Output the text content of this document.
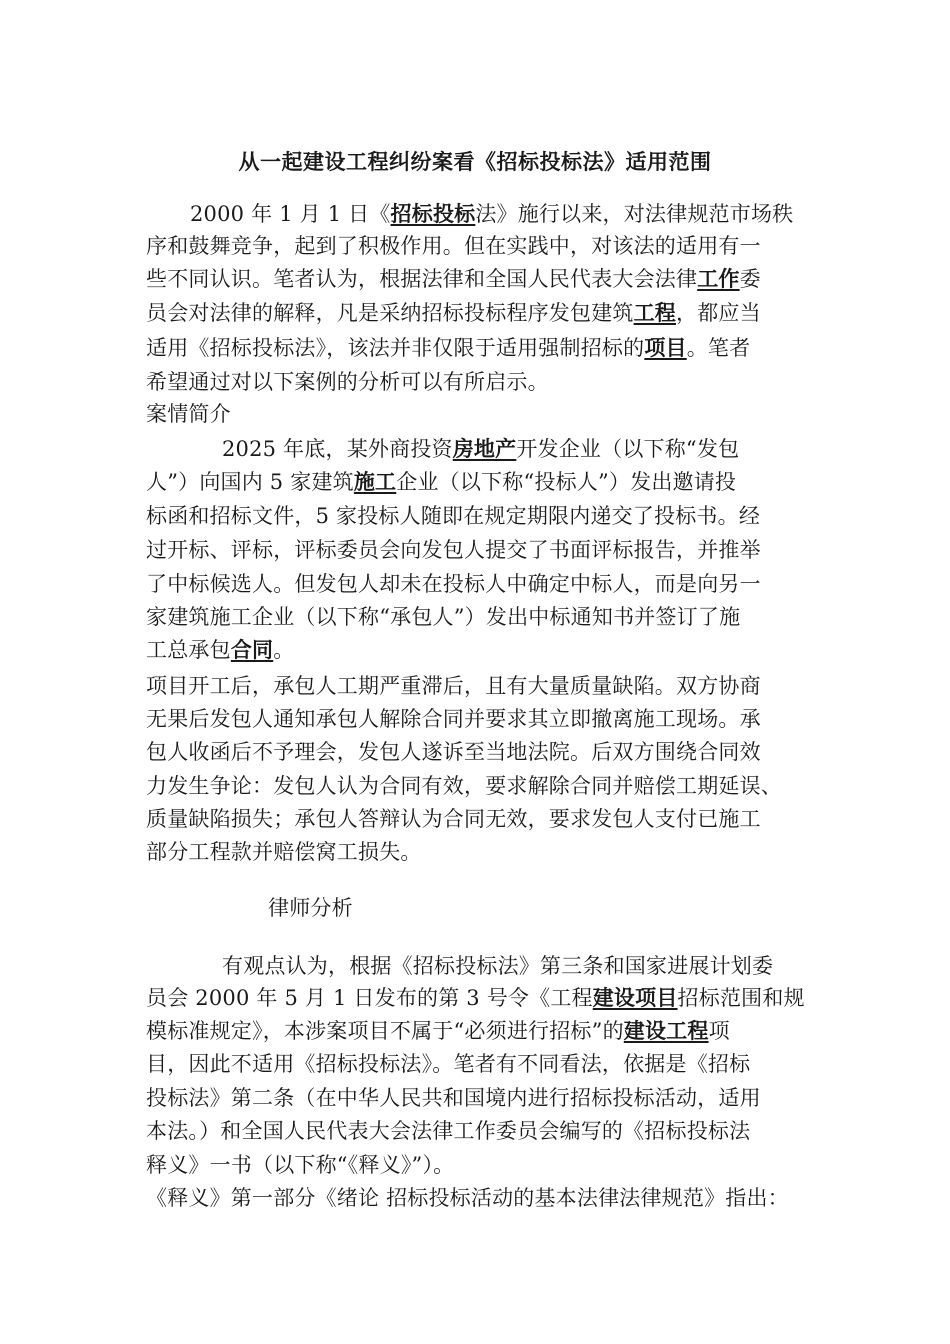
从一起建设工程纠纷案看《招标投标法》适用范围
2000 年 1 月 1 日《招标投标法》施行以来，对法律规范市场秩
序和鼓舞竞争，起到了积极作用。但在实践中，对该法的适用有一
些不同认识。笔者认为，根据法律和全国人民代表大会法律工作委
员会对法律的解释，凡是采纳招标投标程序发包建筑工程，都应当
适用《招标投标法》，该法并非仅限于适用强制招标的项目。笔者
希望通过对以下案例的分析可以有所启示。
案情简介
2025 年底，某外商投资房地产开发企业（以下称“发包
人”）向国内 5 家建筑施工企业（以下称“投标人”）发出邀请投
标函和招标文件，5 家投标人随即在规定期限内递交了投标书。经
过开标、评标，评标委员会向发包人提交了书面评标报告，并推举
了中标候选人。但发包人却未在投标人中确定中标人，而是向另一
家建筑施工企业（以下称“承包人”）发出中标通知书并签订了施
工总承包合同。
项目开工后，承包人工期严重滞后，且有大量质量缺陷。双方协商
无果后发包人通知承包人解除合同并要求其立即撤离施工现场。承
包人收函后不予理会，发包人遂诉至当地法院。后双方围绕合同效
力发生争论：发包人认为合同有效，要求解除合同并赔偿工期延误、
质量缺陷损失；承包人答辩认为合同无效，要求发包人支付已施工
部分工程款并赔偿窝工损失。
律师分析
有观点认为，根据《招标投标法》第三条和国家进展计划委
员会 2000 年 5 月 1 日发布的第 3 号令《工程建设项目招标范围和规
模标准规定》，本涉案项目不属于“必须进行招标”的建设工程项
目，因此不适用《招标投标法》。笔者有不同看法，依据是《招标
投标法》第二条（在中华人民共和国境内进行招标投标活动，适用
本法。）和全国人民代表大会法律工作委员会编写的《招标投标法
释义》一书（以下称“《释义》”）。
《释义》第一部分《绪论 招标投标活动的基本法律法律规范》指出：
